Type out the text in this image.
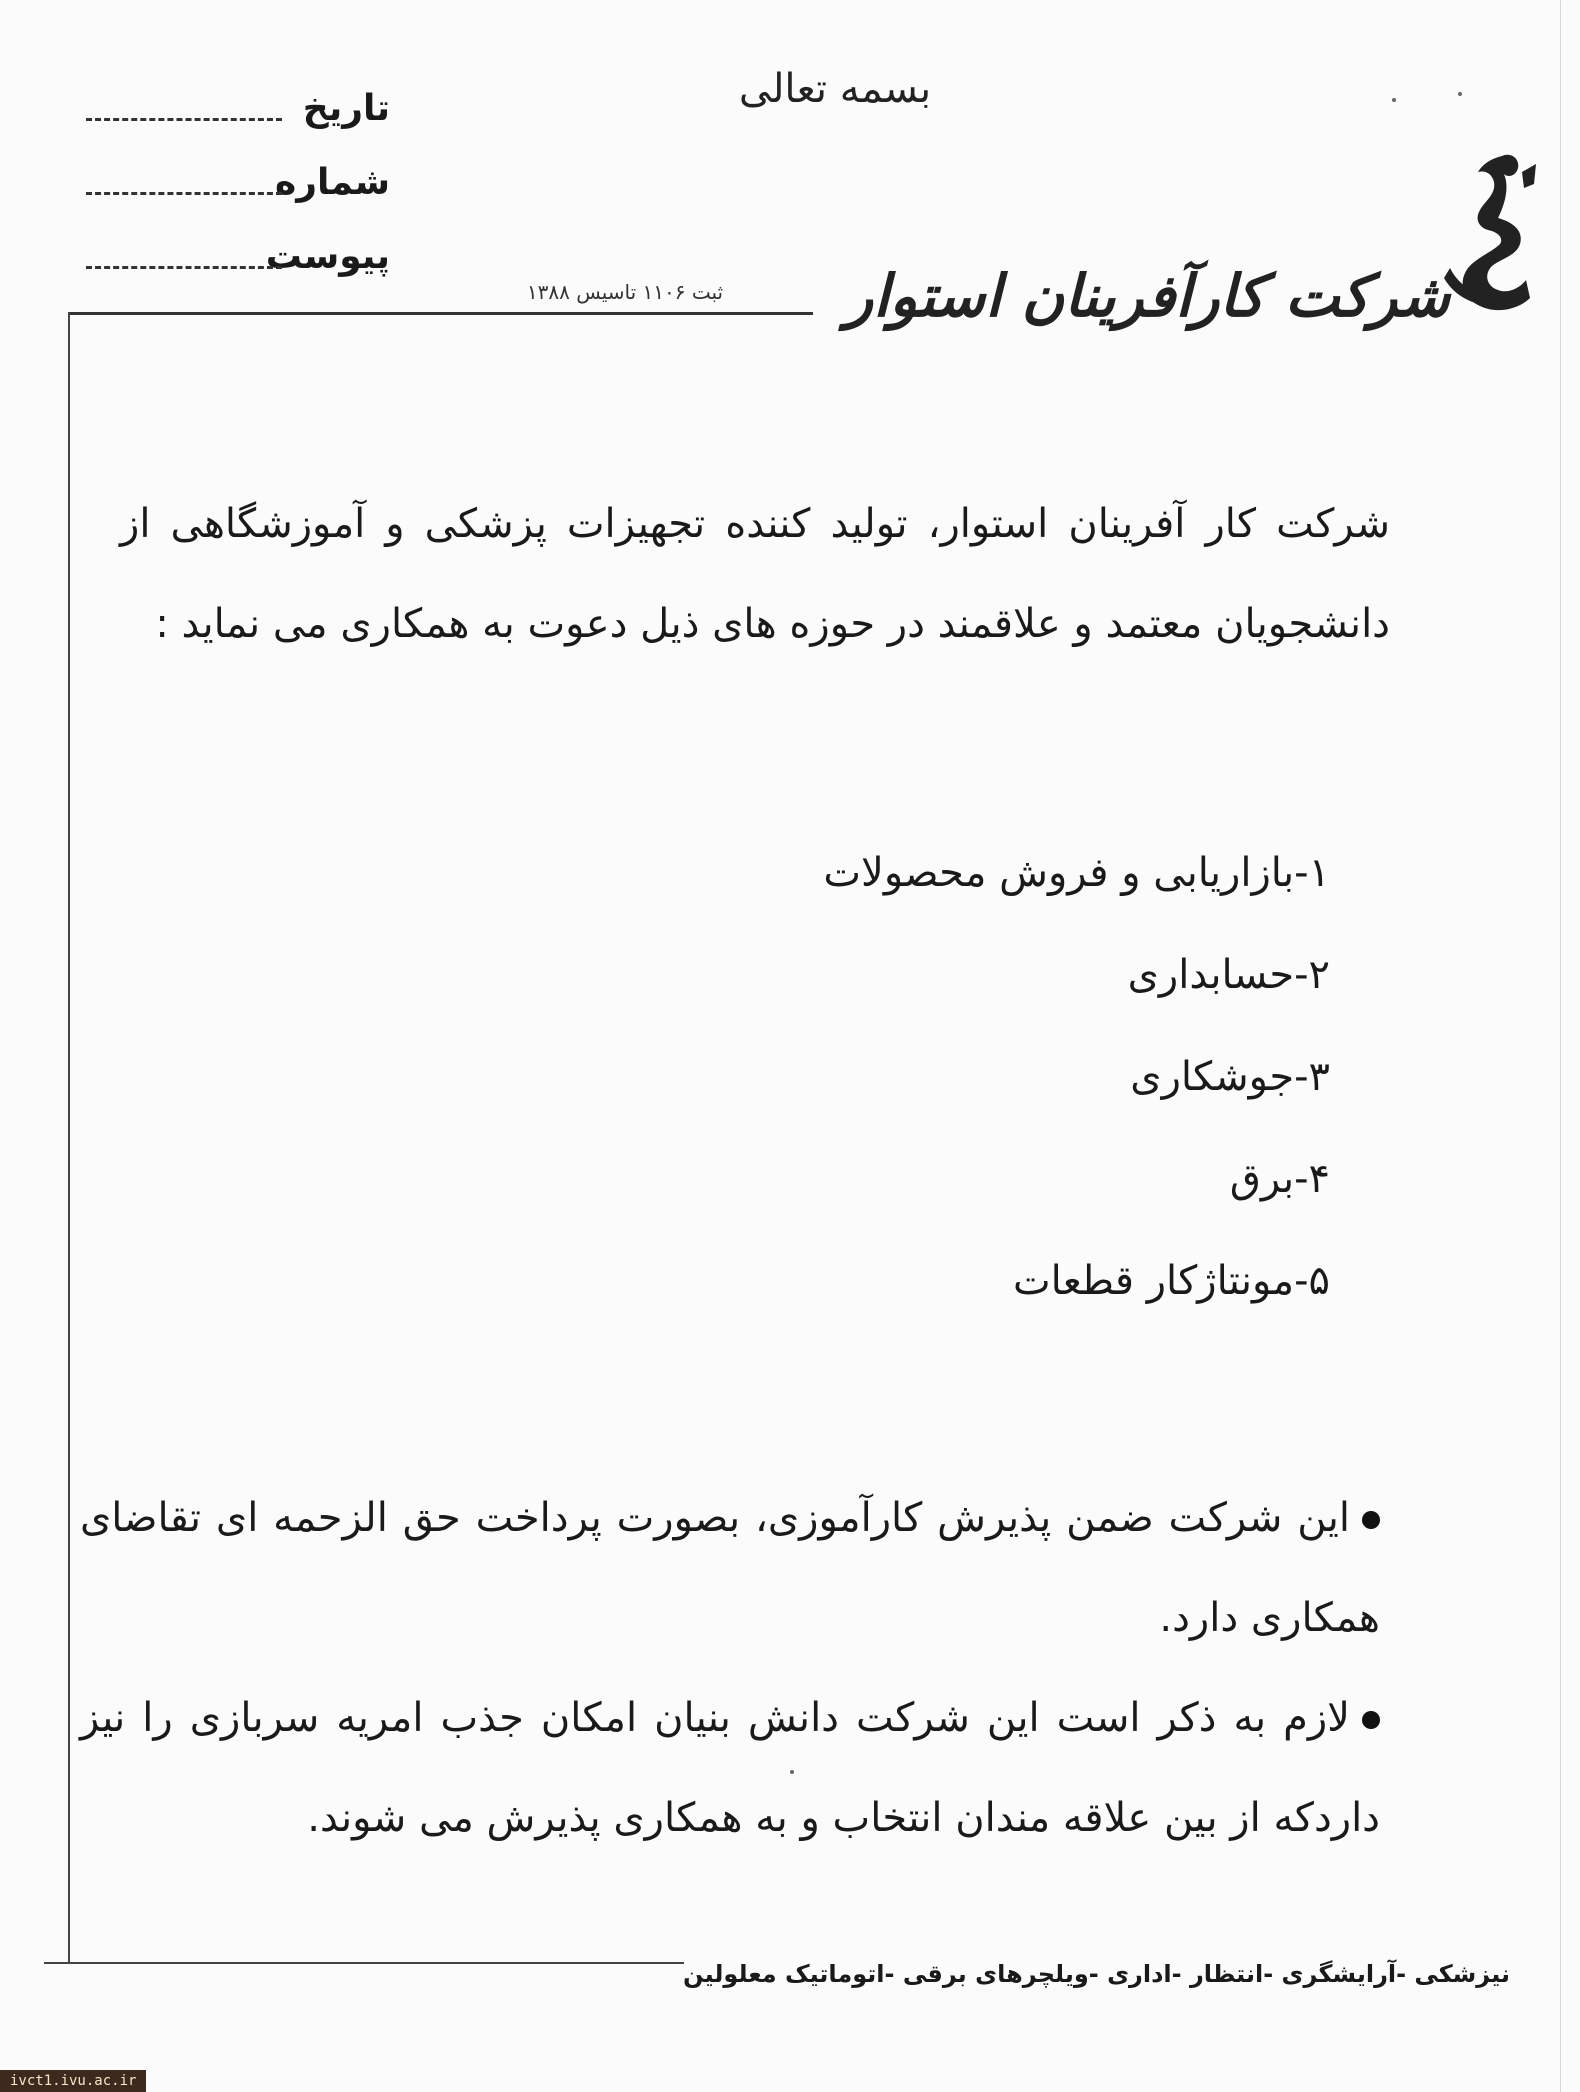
بسمه تعالی
تاریخ
شماره
پیوست
شرکت کارآفرینان استوار
ثبت ۱۱۰۶ تاسیس ۱۳۸۸

شرکت کار آفرینان استوار، تولید کننده تجهیزات پزشکی و آموزشگاهی از

دانشجویان معتمد و علاقمند در حوزه های ذیل دعوت به همکاری می نماید :

۱-بازاریابی و فروش محصولات
۲-حسابداری
۳-جوشکاری
۴-برق
۵-مونتاژکار قطعات

این شرکت ضمن پذیرش کارآموزی، بصورت پرداخت حق الزحمه ای تقاضای همکاری دارد.

لازم به ذکر است این شرکت دانش بنیان امکان جذب امریه سربازی را نیز داردکه از بین علاقه مندان انتخاب و به همکاری پذیرش می شوند.

نیزشکی -آرایشگری -انتظار -اداری -ویلچرهای برقی -اتوماتیک معلولین
ivct1.ivu.ac.ir
